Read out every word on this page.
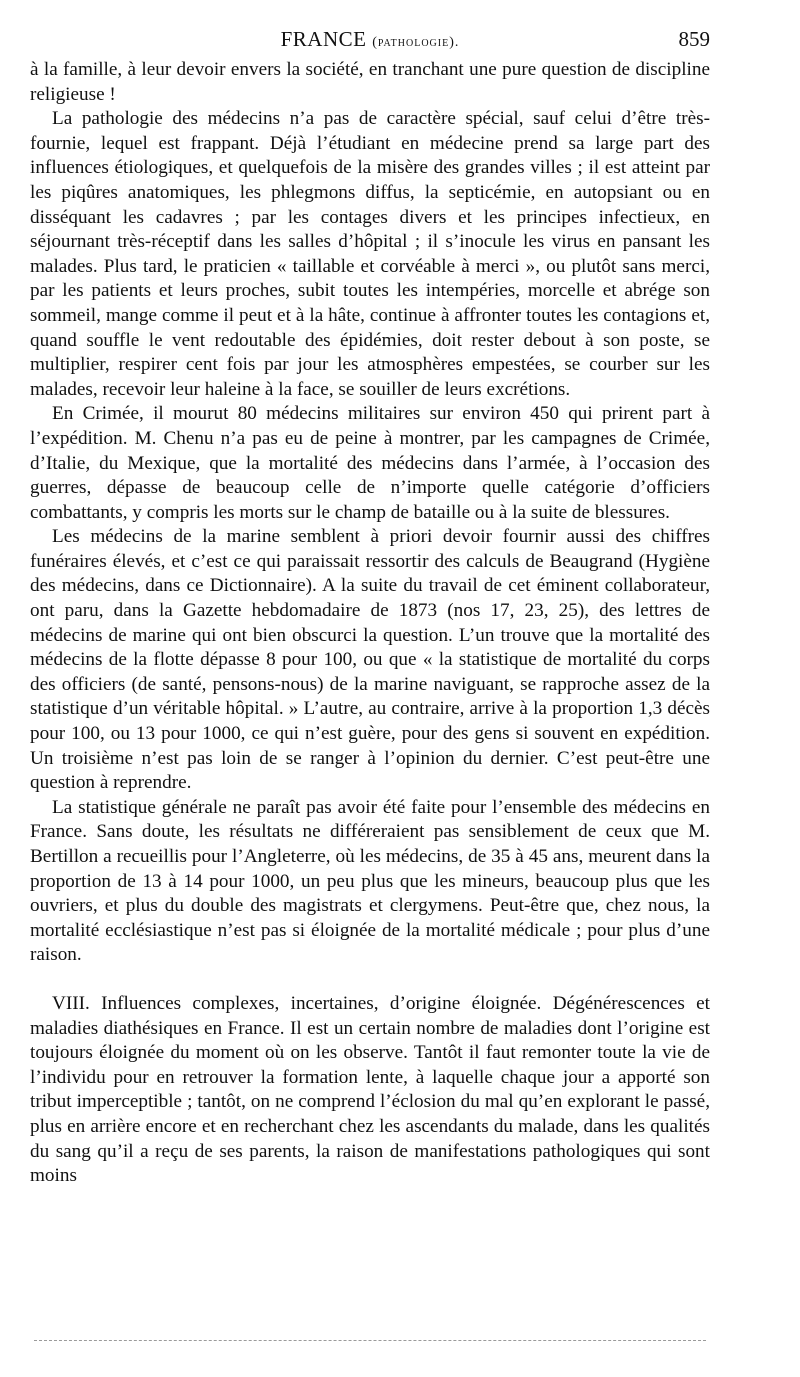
FRANCE (pathologie).	859

à la famille, à leur devoir envers la société, en tranchant une pure question de discipline religieuse !

La pathologie des médecins n’a pas de caractère spécial, sauf celui d’être très-fournie, lequel est frappant. Déjà l’étudiant en médecine prend sa large part des influences étiologiques, et quelquefois de la misère des grandes villes ; il est atteint par les piqûres anatomiques, les phlegmons diffus, la septicémie, en autopsiant ou en disséquant les cadavres ; par les contages divers et les principes infectieux, en séjournant très-réceptif dans les salles d’hôpital ; il s’inocule les virus en pansant les malades. Plus tard, le praticien « taillable et corvéable à merci », ou plutôt sans merci, par les patients et leurs proches, subit toutes les intempéries, morcelle et abrége son sommeil, mange comme il peut et à la hâte, continue à affronter toutes les contagions et, quand souffle le vent redoutable des épidémies, doit rester debout à son poste, se multiplier, respirer cent fois par jour les atmosphères empestées, se courber sur les malades, recevoir leur haleine à la face, se souiller de leurs excrétions.

En Crimée, il mourut 80 médecins militaires sur environ 450 qui prirent part à l’expédition. M. Chenu n’a pas eu de peine à montrer, par les campagnes de Crimée, d’Italie, du Mexique, que la mortalité des médecins dans l’armée, à l’occasion des guerres, dépasse de beaucoup celle de n’importe quelle catégorie d’officiers combattants, y compris les morts sur le champ de bataille ou à la suite de blessures.

Les médecins de la marine semblent à priori devoir fournir aussi des chiffres funéraires élevés, et c’est ce qui paraissait ressortir des calculs de Beaugrand (Hygiène des médecins, dans ce Dictionnaire). A la suite du travail de cet éminent collaborateur, ont paru, dans la Gazette hebdomadaire de 1873 (nos 17, 23, 25), des lettres de médecins de marine qui ont bien obscurci la question. L’un trouve que la mortalité des médecins de la flotte dépasse 8 pour 100, ou que « la statistique de mortalité du corps des officiers (de santé, pensons-nous) de la marine naviguant, se rapproche assez de la statistique d’un véritable hôpital. » L’autre, au contraire, arrive à la proportion 1,3 décès pour 100, ou 13 pour 1000, ce qui n’est guère, pour des gens si souvent en expédition. Un troisième n’est pas loin de se ranger à l’opinion du dernier. C’est peut-être une question à reprendre.

La statistique générale ne paraît pas avoir été faite pour l’ensemble des médecins en France. Sans doute, les résultats ne différeraient pas sensiblement de ceux que M. Bertillon a recueillis pour l’Angleterre, où les médecins, de 35 à 45 ans, meurent dans la proportion de 13 à 14 pour 1000, un peu plus que les mineurs, beaucoup plus que les ouvriers, et plus du double des magistrats et clergymens. Peut-être que, chez nous, la mortalité ecclésiastique n’est pas si éloignée de la mortalité médicale ; pour plus d’une raison.

VIII. Influences complexes, incertaines, d’origine éloignée. Dégénérescences et maladies diathésiques en France. Il est un certain nombre de maladies dont l’origine est toujours éloignée du moment où on les observe. Tantôt il faut remonter toute la vie de l’individu pour en retrouver la formation lente, à laquelle chaque jour a apporté son tribut imperceptible ; tantôt, on ne comprend l’éclosion du mal qu’en explorant le passé, plus en arrière encore et en recherchant chez les ascendants du malade, dans les qualités du sang qu’il a reçu de ses parents, la raison de manifestations pathologiques qui sont moins
